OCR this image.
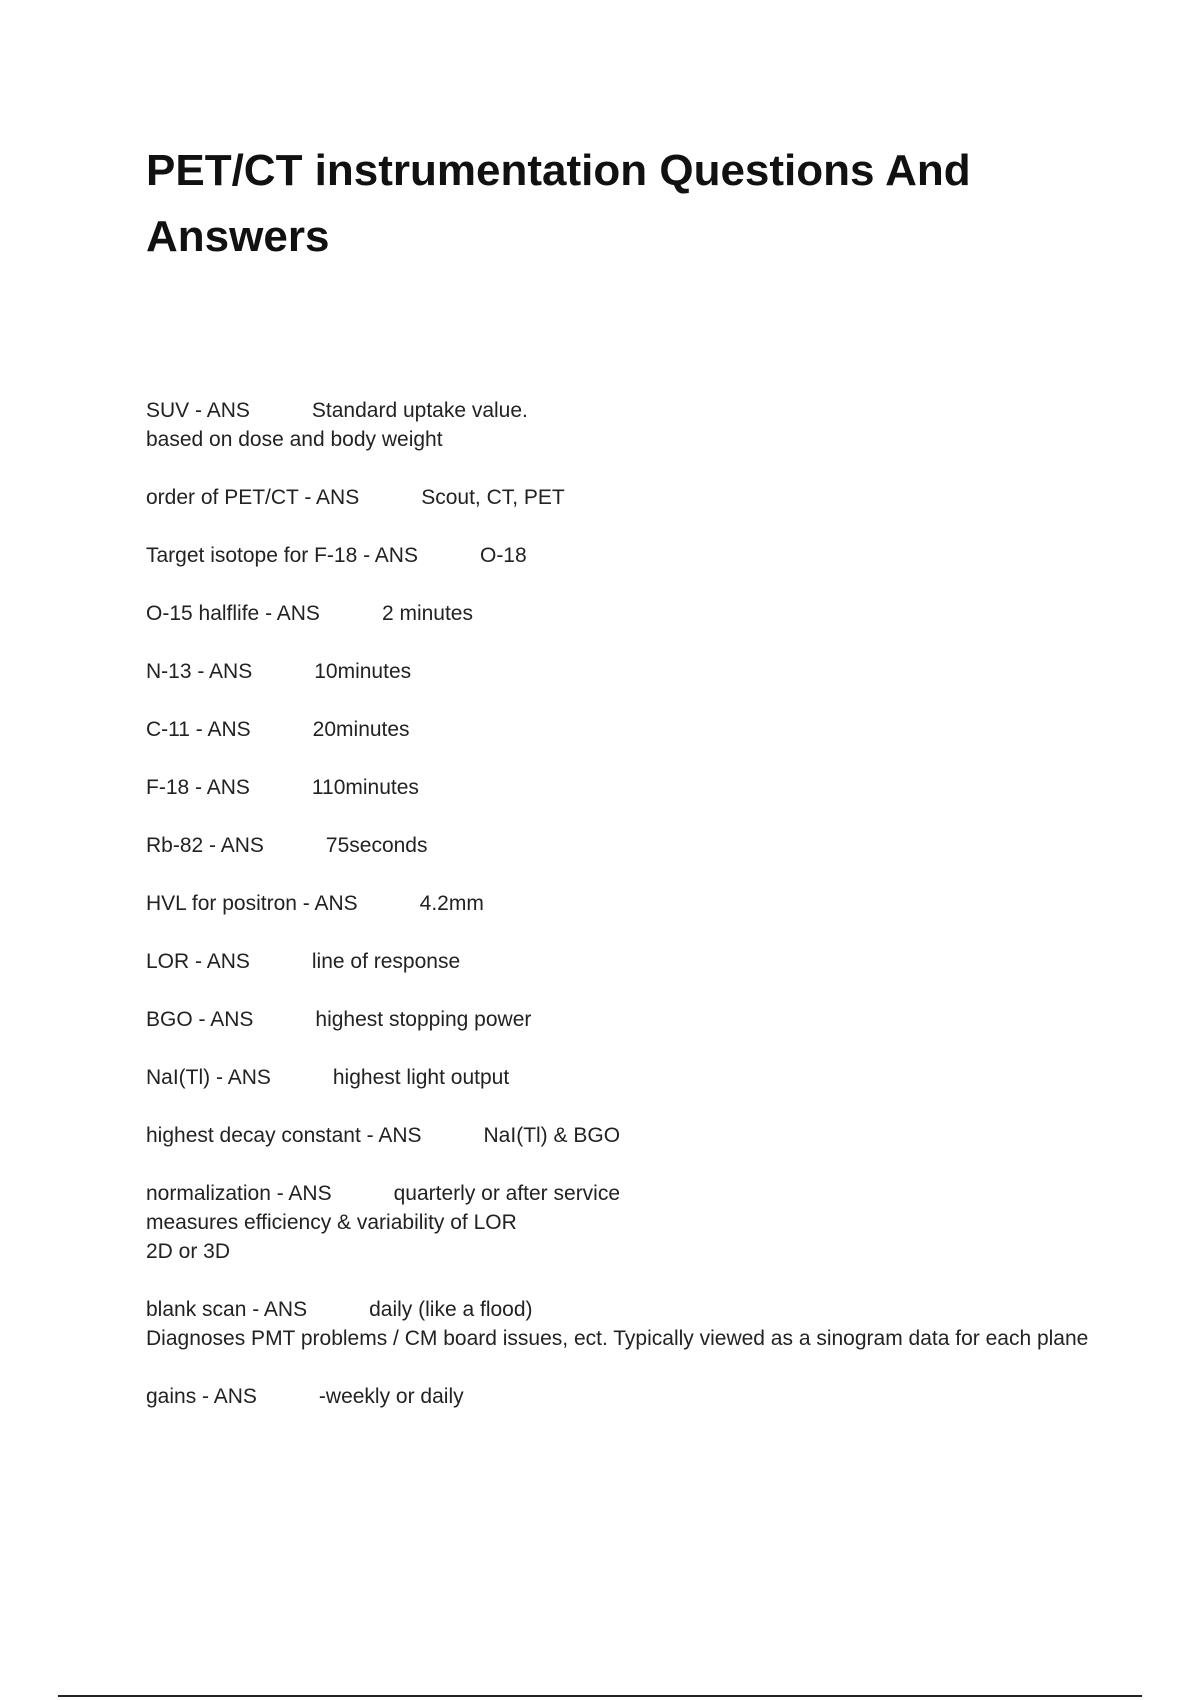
PET/CT instrumentation Questions And Answers
SUV - ANS	Standard uptake value.
based on dose and body weight
order of PET/CT - ANS	Scout, CT, PET
Target isotope for F-18 - ANS	O-18
O-15 halflife - ANS	2 minutes
N-13 - ANS	10minutes
C-11 - ANS	20minutes
F-18 - ANS	110minutes
Rb-82 - ANS	75seconds
HVL for positron - ANS	4.2mm
LOR - ANS	line of response
BGO - ANS	highest stopping power
NaI(Tl) - ANS	highest light output
highest decay constant - ANS	NaI(Tl) & BGO
normalization - ANS	quarterly or after service
measures efficiency & variability of LOR
2D or 3D
blank scan - ANS	daily (like a flood)
Diagnoses PMT problems / CM board issues, ect. Typically viewed as a sinogram data for each plane
gains - ANS	-weekly or daily
